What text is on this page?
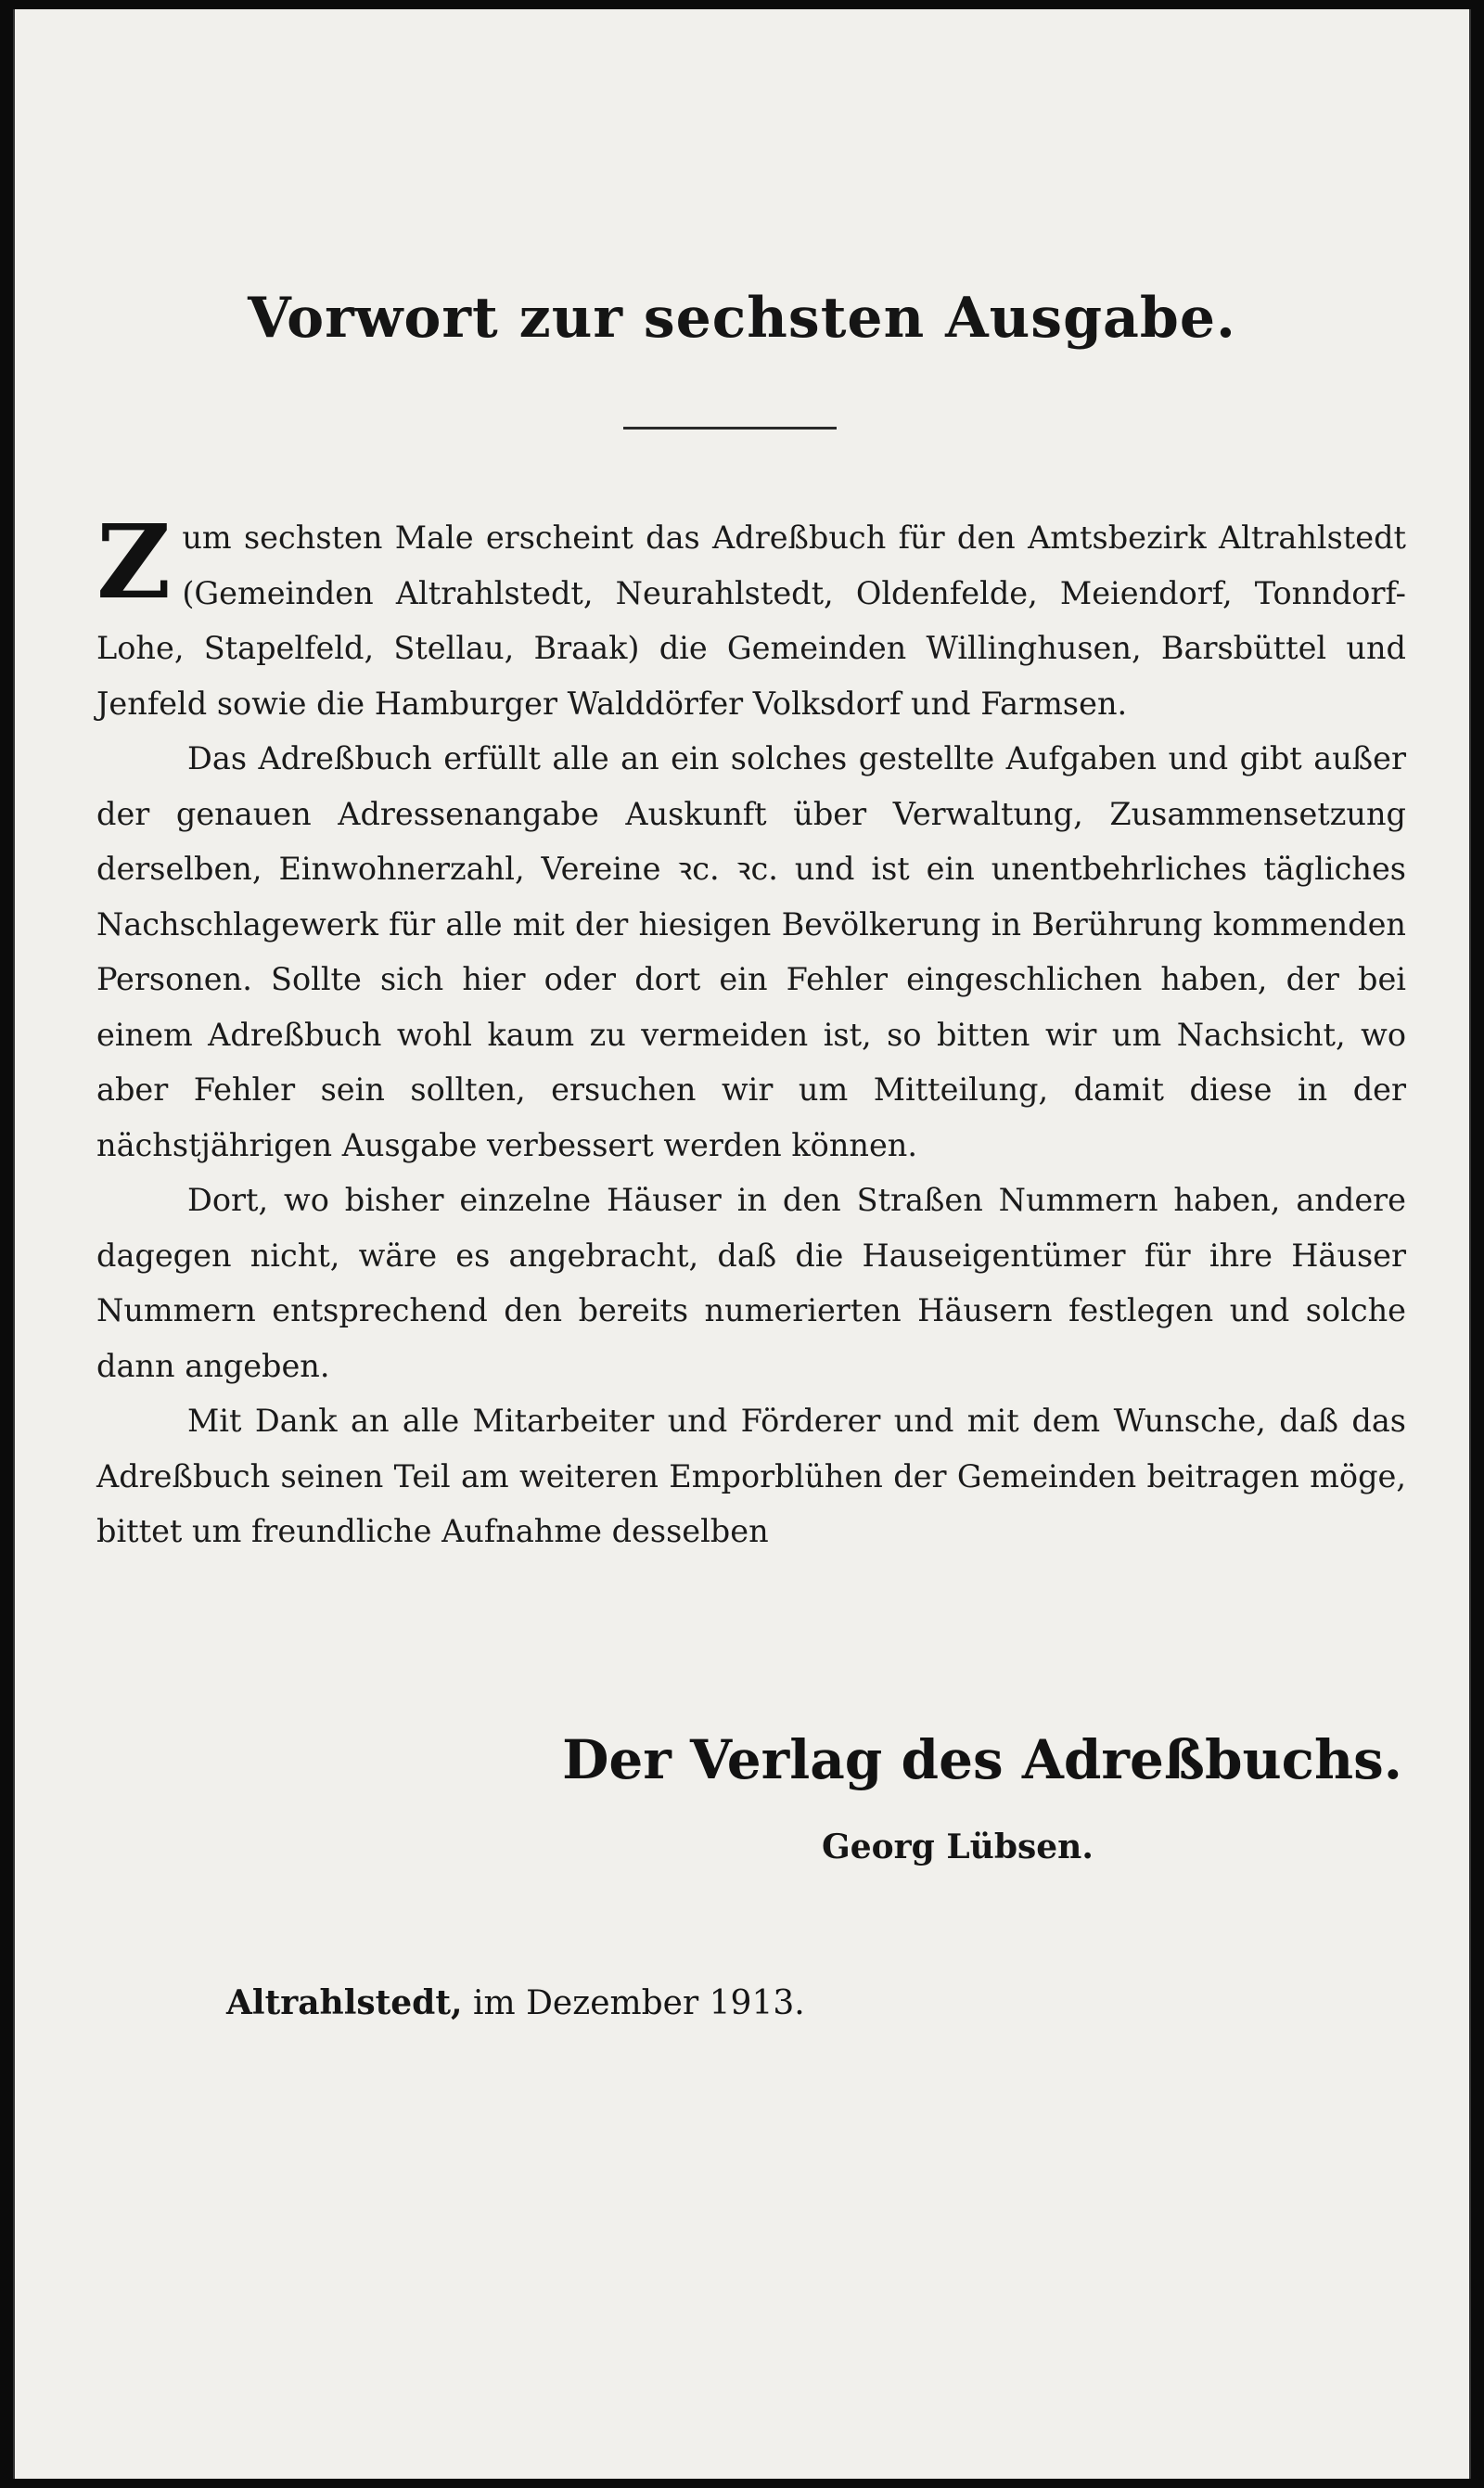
Vorwort zur sechsten Ausgabe.

Zum sechsten Male erscheint das Adreßbuch für den Amtsbezirk Altrahlstedt (Gemeinden Altrahlstedt, Neurahlstedt, Oldenfelde, Meiendorf, Tonndorf-Lohe, Stapelfeld, Stellau, Braak) die Gemeinden Willinghusen, Barsbüttel und Jenfeld sowie die Hamburger Walddörfer Volksdorf und Farmsen.

Das Adreßbuch erfüllt alle an ein solches gestellte Aufgaben und gibt außer der genauen Adressenangabe Auskunft über Verwaltung, Zusammensetzung derselben, Einwohnerzahl, Vereine ꝛc. ꝛc. und ist ein unentbehrliches tägliches Nachschlagewerk für alle mit der hiesigen Bevölkerung in Berührung kommenden Personen. Sollte sich hier oder dort ein Fehler eingeschlichen haben, der bei einem Adreßbuch wohl kaum zu vermeiden ist, so bitten wir um Nachsicht, wo aber Fehler sein sollten, ersuchen wir um Mitteilung, damit diese in der nächstjährigen Ausgabe verbessert werden können.

Dort, wo bisher einzelne Häuser in den Straßen Nummern haben, andere dagegen nicht, wäre es angebracht, daß die Hauseigentümer für ihre Häuser Nummern entsprechend den bereits numerierten Häusern festlegen und solche dann angeben.

Mit Dank an alle Mitarbeiter und Förderer und mit dem Wunsche, daß das Adreßbuch seinen Teil am weiteren Emporblühen der Gemeinden beitragen möge, bittet um freundliche Aufnahme desselben

Der Verlag des Adreßbuchs.
Georg Lübsen.
Altrahlstedt, im Dezember 1913.
